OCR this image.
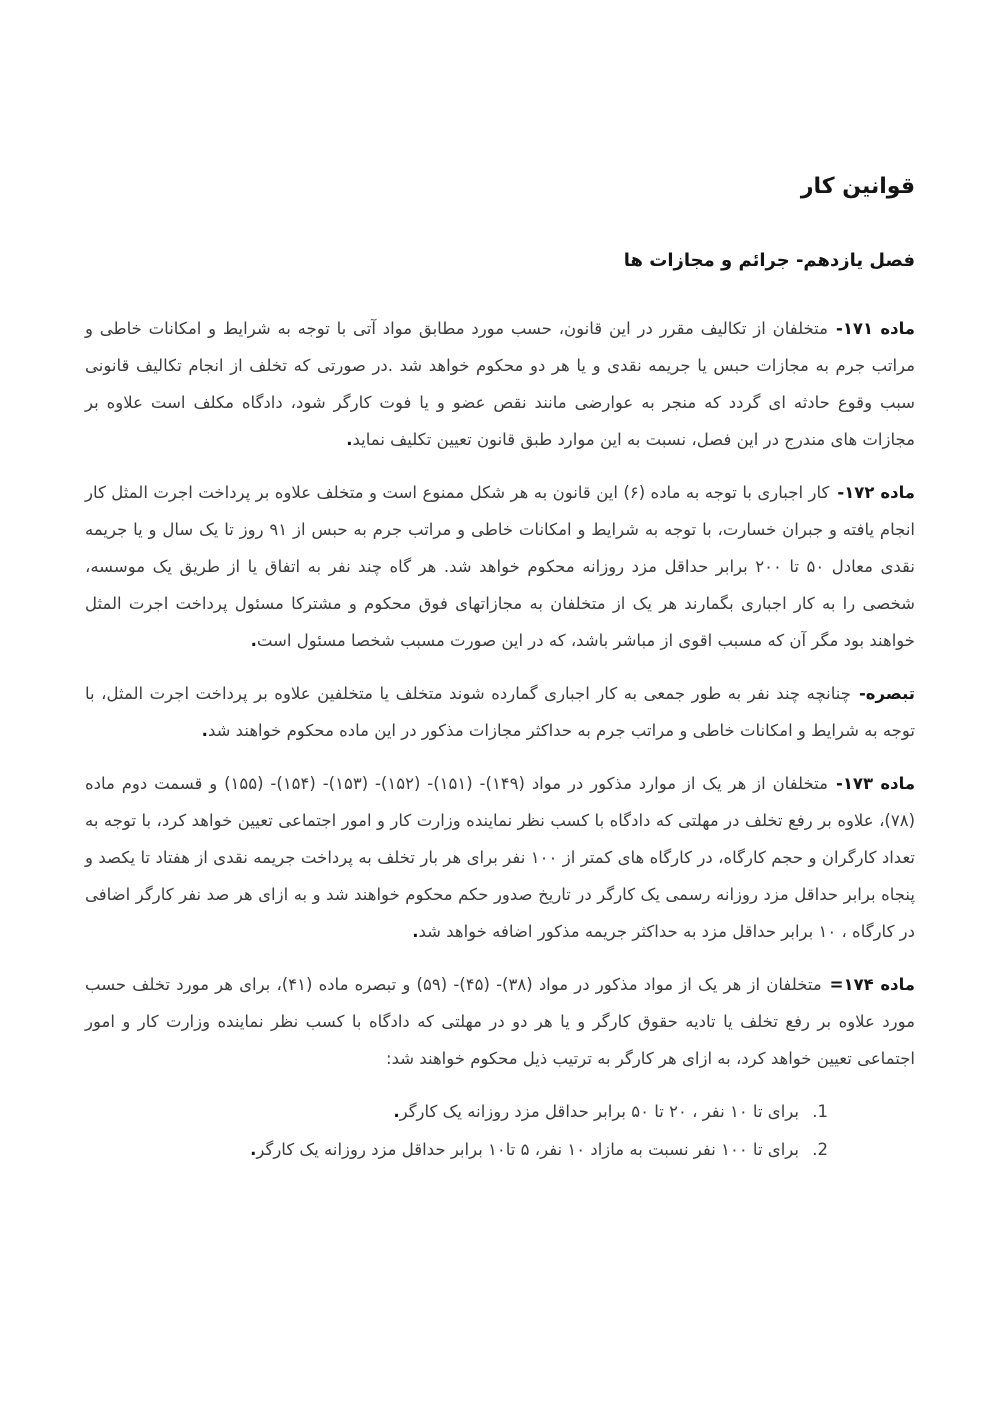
قوانین کار
فصل یازدهم- جرائم و مجازات ها

ماده ۱۷۱-متخلفان از تکالیف مقرر در این قانون، حسب مورد مطابق مواد آتی با توجه به شرایط و امکانات خاطی و مراتب جرم به مجازات حبس یا جریمه نقدی و یا هر دو محکوم خواهد شد .در صورتی که تخلف از انجام تکالیف قانونی سبب وقوع حادثه ای گردد که منجر به عوارضی مانند نقص عضو و یا فوت کارگر شود، دادگاه مکلف است علاوه بر مجازات های مندرج در این فصل، نسبت به این موارد طبق قانون تعیین تکلیف نماید.

ماده ۱۷۲-کار اجباری با توجه به ماده (۶) این قانون به هر شکل ممنوع است و متخلف علاوه بر پرداخت اجرت المثل کار انجام یافته و جبران خسارت، با توجه به شرایط و امکانات خاطی و مراتب جرم به حبس از ۹۱ روز تا یک سال و یا جریمه نقدی معادل ۵۰ تا ۲۰۰ برابر حداقل مزد روزانه محکوم خواهد شد. هر گاه چند نفر به اتفاق یا از طریق یک موسسه، شخصی را به کار اجباری بگمارند هر یک از متخلفان به مجازاتهای فوق محکوم و مشترکا مسئول پرداخت اجرت المثل خواهند بود مگر آن که مسبب اقوی از مباشر باشد، که در این صورت مسبب شخصا مسئول است.

تبصره-چنانچه چند نفر به طور جمعی به کار اجباری گمارده شوند متخلف یا متخلفین علاوه بر پرداخت اجرت المثل، با توجه به شرایط و امکانات خاطی و مراتب جرم به حداکثر مجازات مذکور در این ماده محکوم خواهند شد.

ماده ۱۷۳-متخلفان از هر یک از موارد مذکور در مواد (۱۴۹)- (۱۵۱)- (۱۵۲)- (۱۵۳)- (۱۵۴)- (۱۵۵) و قسمت دوم ماده (۷۸)، علاوه بر رفع تخلف در مهلتی که دادگاه با کسب نظر نماینده وزارت کار و امور اجتماعی تعیین خواهد کرد، با توجه به تعداد کارگران و حجم کارگاه، در کارگاه های کمتر از ۱۰۰ نفر برای هر بار تخلف به پرداخت جریمه نقدی از هفتاد تا یکصد و پنجاه برابر حداقل مزد روزانه رسمی یک کارگر در تاریخ صدور حکم محکوم خواهند شد و به ازای هر صد نفر کارگر اضافی در کارگاه ، ۱۰ برابر حداقل مزد به حداکثر جریمه مذکور اضافه خواهد شد.

ماده ۱۷۴=متخلفان از هر یک از مواد مذکور در مواد (۳۸)- (۴۵)- (۵۹) و تبصره ماده (۴۱)، برای هر مورد تخلف حسب مورد علاوه بر رفع تخلف یا تادیه حقوق کارگر و یا هر دو در مهلتی که دادگاه با کسب نظر نماینده وزارت کار و امور اجتماعی تعیین خواهد کرد، به ازای هر کارگر به ترتیب ذیل محکوم خواهند شد:

1. برای تا ۱۰ نفر ، ۲۰ تا ۵۰ برابر حداقل مزد روزانه یک کارگر.
2. برای تا ۱۰۰ نفر نسبت به مازاد ۱۰ نفر، ۵ تا۱۰ برابر حداقل مزد روزانه یک کارگر.
